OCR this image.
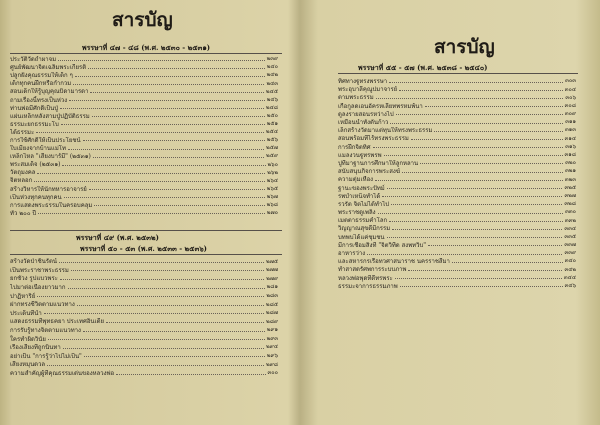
สารบัญ
พรรษาที่ ๔๗ - ๔๘ (พ.ศ. ๒๕๓๐ - ๒๕๓๑)
ประวัติวัดถ้ำผาจม	๒๓๙
ศูนย์พัฒนาจิตเฉลิมพระเกียรติ	๒๔๐
ปลูกฝังคุณธรรมให้เด็ก ๆ	๒๔๒
เด็กทุกคนฝึกหรือกำกวม	๒๔๓
สอนเด็กให้รู้บุญคุณบิดามารดา	๒๔๕
ถามเรื่องนี้ทรงเป็นห่วง	๒๔๖
ท่านพ่อมีศักดิ์เป็นปู่	๒๔๘
แผ่นเหล็กหลังสามปู่ปฏิบัติธรรม	๒๕๐
ธรรมะยกธรรมะโบ	๒๕๑
ได้ธรรมะ	๒๕๔
การใช้ศักดิ์ให้เป็นประโยชน์	๒๕๖
ใบเมี่ยงจากบ้านแม่โท	๒๕๗
เหล็กไหล "เสียงบาร์มี" (๒๕๓๑)	๒๕๙
พระสมเด็จ (๒๕๓๑)	๒๖๐
วัตถุมงคล	๒๖๒
จิตหลอก	๒๖๔
สร้างวิหารให้นักทหารอาจารย์	๒๖๕
เป็นห่วงทุกคนทุกคน	๒๖๗
การแสดงพระธรรมในครอบคลุม	๒๖๘
ทัว ๒๐๐ ปี	๒๗๐
พรรษาที่ ๔๙ (พ.ศ. ๒๕๓๒)
พรรษาที่ ๕๐ - ๕๓ (พ.ศ. ๒๕๓๓ - ๒๕๓๖)
สร้างวัดป่าชินรัตน์	๒๗๕
เป็นพระราชาพระธรรม	๒๗๗
ยกชั้วง รูปแบวพระ	๒๗๙
ไปมาต่อเนื่องยาวมาก	๒๘๑
ปาฏิหาริย์	๒๘๓
ฝากทรงชีวิตตามแนวทาง	๒๘๕
ประเด็นที่นำ	๒๘๗
แสดงธรรมที่พุทธคยา ประเทศอินเดีย	๒๘๙
การรับรู้ทางจิตตามแนวทาง	๒๙๑
ใครทำผิดวินัย	๒๙๓
เรื่องเสียงที่ถูกนินทา	๒๙๔
อย่าเป็น "การรู้ว่าไปไม่เป็น"	๒๙๖
เสียงหมุนดวล	๒๙๘
ความสำคัญผู้ที่คุณธรรมเด่นของหลวงพ่อ	๓๐๐
สารบัญ
พรรษาที่ ๕๕ - ๕๗ (พ.ศ. ๒๕๓๘ - ๒๕๔๐)
ทิศทางฐูทรงพรรษา	๓๐๓
พระอุบาลีคุณูปมาจารย์	๓๐๔
ตามพระธรรม	๓๐๖
เกื้อกูลดเอนอัครหเลี่ยทพรหมพ้นา	๓๐๘
ดูลงรายสอนรหว่างไป	๓๐๙
เหมือนน้ำทั้งตั้นก้าว	๓๑๑
เล็กสร้างวัดมาแต่ทุนให้ทรงพระธรรม	๓๑๓
สอนพร้อมที่ไร้ทรงพระธรรม	๓๑๔
การฝึกจิตทิศ	๓๑๖
แมลงวนฐูทรพรพ	๓๑๘
ปูที่มาฐานการศึกษาให้ลูกหลาน	๓๒๐
สนับสนุนกิจการพระสงฆ์	๓๒๑
ความตุ่มเหือง	๓๒๓
ฐานะของพระปัทม์	๓๒๕
รพบำเหน็จทำได้	๓๒๗
รวรัต จิตไม่ได้ทำไป	๓๒๘
พระราชดูเพลิง	๓๓๐
เมตตาธรรมค้ำโลก	๓๓๒
วิญญาณสุขดีมีกรรม	๓๓๔
บทพบได้แค่ชุมชน	๓๓๕
มีการเชื่อมสิ่งที่ "จิตวิทีด สงพทวิบ"	๓๓๗
อาหารว่าง	๓๓๙
และสหารกรเรือทวศาสนาราช นครราชสีมา	๓๔๐
ทำสาสดรัศพการระบบภาพ	๓๔๒
หลวงพ่อพุดที่ดีทรพระ	๓๔๔
ธรรมะจาการธรรมภาพ	๓๔๖
